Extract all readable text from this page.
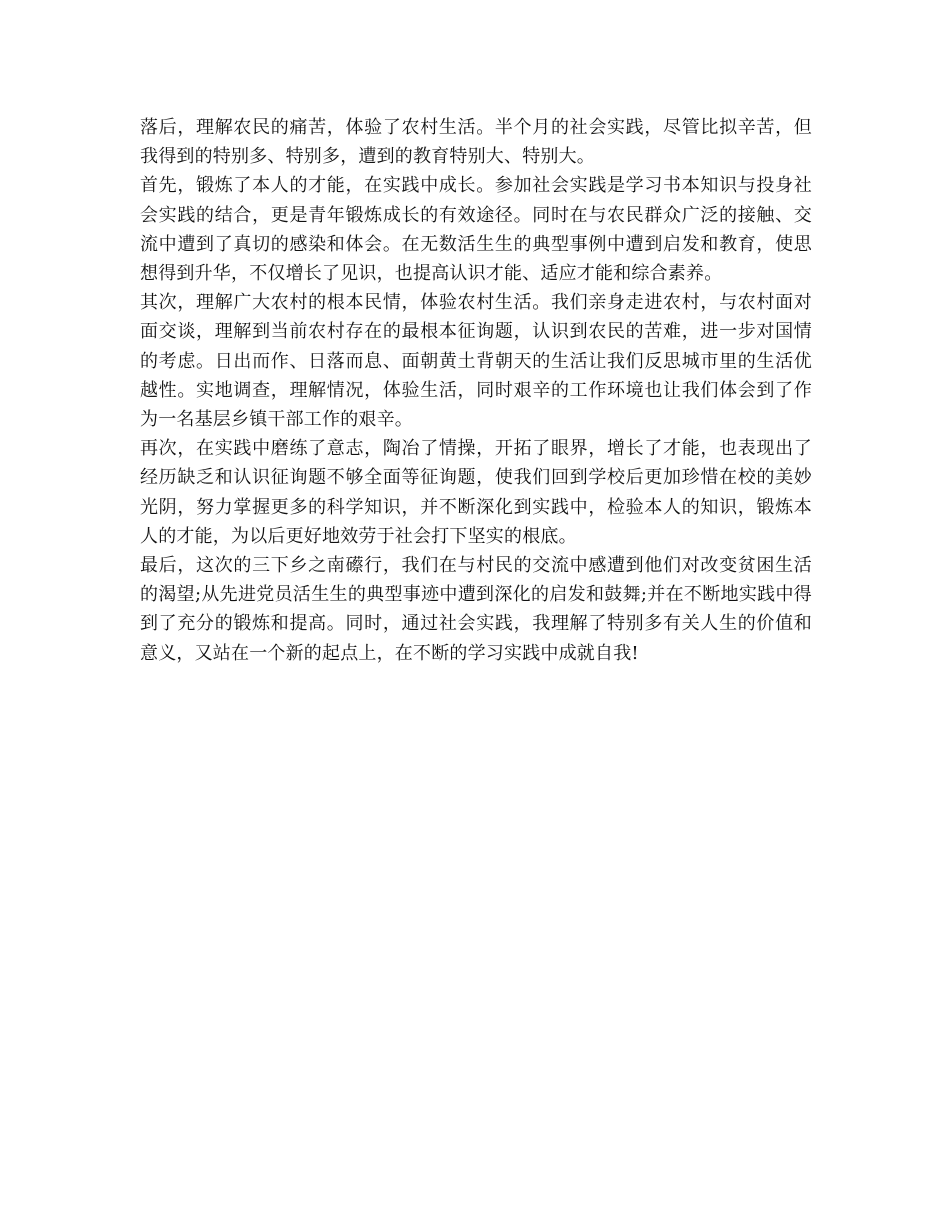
落后，理解农民的痛苦，体验了农村生活。半个月的社会实践，尽管比拟辛苦，但我得到的特别多、特别多，遭到的教育特别大、特别大。

首先，锻炼了本人的才能，在实践中成长。参加社会实践是学习书本知识与投身社会实践的结合，更是青年锻炼成长的有效途径。同时在与农民群众广泛的接触、交流中遭到了真切的感染和体会。在无数活生生的典型事例中遭到启发和教育，使思想得到升华，不仅增长了见识，也提高认识才能、适应才能和综合素养。

其次，理解广大农村的根本民情，体验农村生活。我们亲身走进农村，与农村面对面交谈，理解到当前农村存在的最根本征询题，认识到农民的苦难，进一步对国情的考虑。日出而作、日落而息、面朝黄土背朝天的生活让我们反思城市里的生活优越性。实地调查，理解情况，体验生活，同时艰辛的工作环境也让我们体会到了作为一名基层乡镇干部工作的艰辛。

再次，在实践中磨练了意志，陶冶了情操，开拓了眼界，增长了才能，也表现出了经历缺乏和认识征询题不够全面等征询题，使我们回到学校后更加珍惜在校的美妙光阴，努力掌握更多的科学知识，并不断深化到实践中，检验本人的知识，锻炼本人的才能，为以后更好地效劳于社会打下坚实的根底。

最后，这次的三下乡之南礤行，我们在与村民的交流中感遭到他们对改变贫困生活的渴望;从先进党员活生生的典型事迹中遭到深化的启发和鼓舞;并在不断地实践中得到了充分的锻炼和提高。同时，通过社会实践，我理解了特别多有关人生的价值和意义，又站在一个新的起点上，在不断的学习实践中成就自我!
